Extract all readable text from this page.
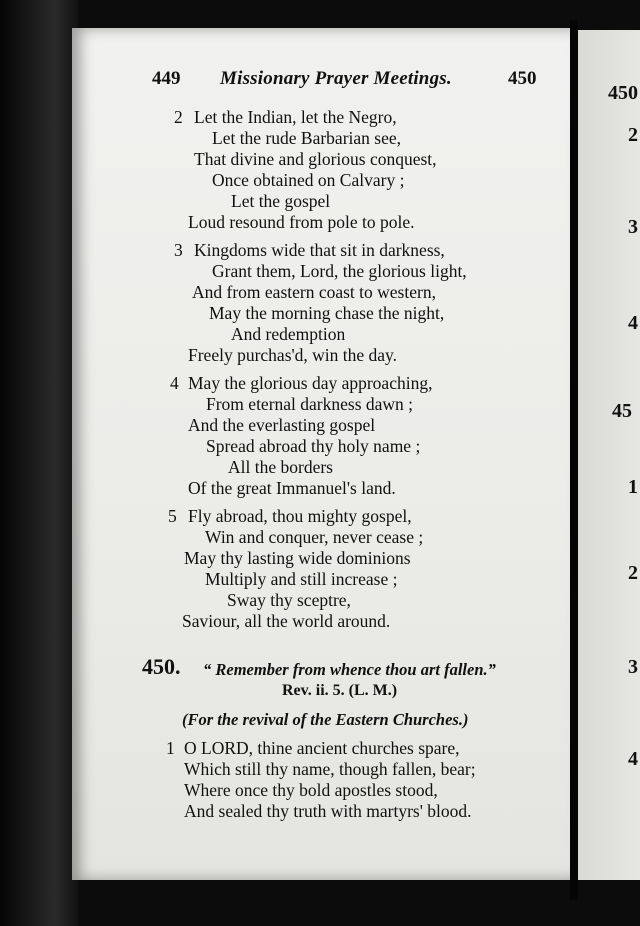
449 Missionary Prayer Meetings.	450
2 Let the Indian, let the Negro,
Let the rude Barbarian see,
That divine and glorious conquest,
Once obtained on Calvary ;
Let the gospel
Loud resound from pole to pole.
3 Kingdoms wide that sit in darkness,
Grant them, Lord, the glorious light,
And from eastern coast to western,
May the morning chase the night,
And redemption
Freely purchas'd, win the day.
4 May the glorious day approaching,
From eternal darkness dawn ;
And the everlasting gospel
Spread abroad thy holy name ;
All the borders
Of the great Immanuel's land.
5 Fly abroad, thou mighty gospel,
Win and conquer, never cease ;
May thy lasting wide dominions
Multiply and still increase ;
Sway thy sceptre,
Saviour, all the world around.
450. “ Remember from whence thou art fallen.”
Rev. ii. 5. (L. M.)
(For the revival of the Eastern Churches.)
1 O LORD, thine ancient churches spare,
Which still thy name, though fallen, bear;
Where once thy bold apostles stood,
And sealed thy truth with martyrs' blood.
450
2
3
4
45
1
2
3
4
